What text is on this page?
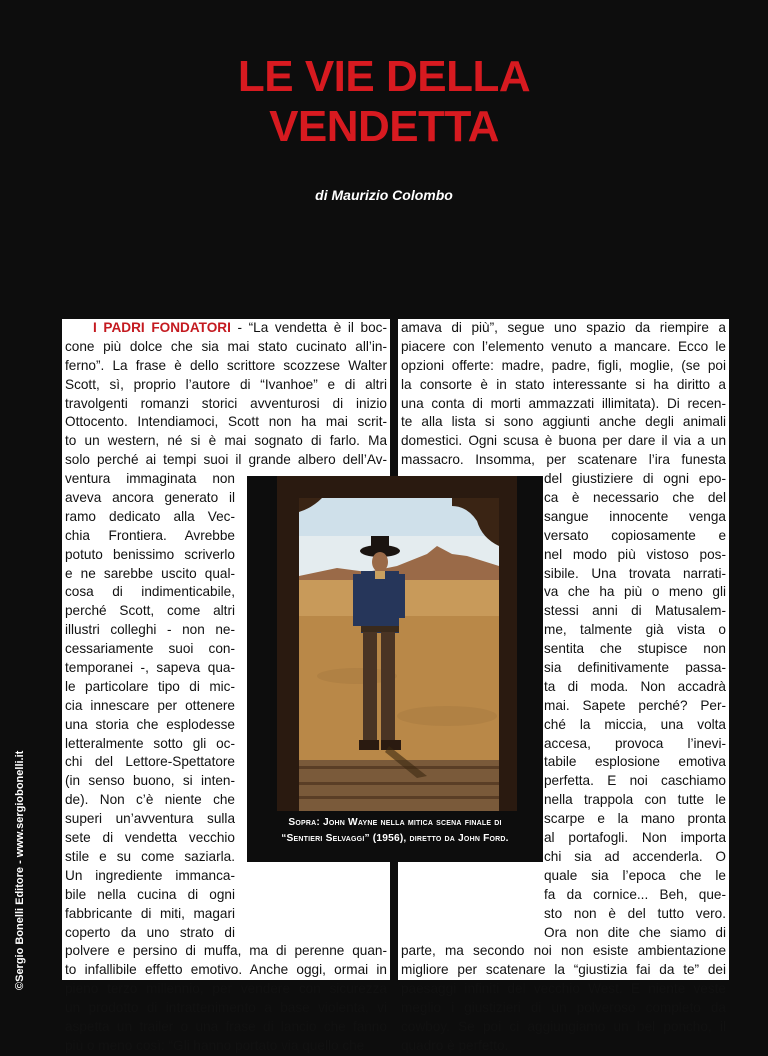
LE VIE DELLA
VENDETTA
di Maurizio Colombo
©Sergio Bonelli Editore - www.sergiobonelli.it
I PADRI FONDATORI - “La vendetta è il boc-
cone più dolce che sia mai stato cucinato all’in-
ferno”. La frase è dello scrittore scozzese Walter
Scott, sì, proprio l’autore di “Ivanhoe” e di altri
travolgenti romanzi storici avventurosi di inizio
Ottocento. Intendiamoci, Scott non ha mai scrit-
to un western, né si è mai sognato di farlo. Ma
solo perché ai tempi suoi il grande albero dell’Av-
ventura immaginata non
aveva ancora generato il
ramo dedicato alla Vec-
chia Frontiera. Avrebbe
potuto benissimo scriverlo
e ne sarebbe uscito qual-
cosa di indimenticabile,
perché Scott, come altri
illustri colleghi - non ne-
cessariamente suoi con-
temporanei -, sapeva qua-
le particolare tipo di mic-
cia innescare per ottenere
una storia che esplodesse
letteralmente sotto gli oc-
chi del Lettore-Spettatore
(in senso buono, si inten-
de). Non c’è niente che
superi un’avventura sulla
sete di vendetta vecchio
stile e su come saziarla.
Un ingrediente immanca-
bile nella cucina di ogni
fabbricante di miti, magari
coperto da uno strato di
polvere e persino di muffa, ma di perenne quan-
to infallibile effetto emotivo. Anche oggi, ormai in
pieno terzo millennio, per vendere con sicurezza
un prodotto di intrattenimento a base violenta, vi
aspetta un trailer o una frase di lancio che fanno
più o meno così: “Gli hanno portato via quello che
amava di più”, segue uno spazio da riempire a
piacere con l’elemento venuto a mancare. Ecco le
opzioni offerte: madre, padre, figli, moglie, (se poi
la consorte è in stato interessante si ha diritto a
una conta di morti ammazzati illimitata). Di recen-
te alla lista si sono aggiunti anche degli animali
domestici. Ogni scusa è buona per dare il via a un
massacro. Insomma, per scatenare l’ira funesta
del giustiziere di ogni epo-
ca è necessario che del
sangue innocente venga
versato copiosamente e
nel modo più vistoso pos-
sibile. Una trovata narrati-
va che ha più o meno gli
stessi anni di Matusalem-
me, talmente già vista o
sentita che stupisce non
sia definitivamente passa-
ta di moda. Non accadrà
mai. Sapete perché? Per-
ché la miccia, una volta
accesa, provoca l’inevi-
tabile esplosione emotiva
perfetta. E noi caschiamo
nella trappola con tutte le
scarpe e la mano pronta
al portafogli. Non importa
chi sia ad accenderla. O
quale sia l’epoca che le
fa da cornice... Beh, que-
sto non è del tutto vero.
Ora non dite che siamo di
parte, ma secondo noi non esiste ambientazione
migliore per scatenare la “giustizia fai da te” dei
paesaggi infiniti del vecchio West. E niente veste
meglio i giustizieri di un polveroso completo da
cowboy. Se poi ci aggiungiamo un bel poncho, il
quadro è perfetto.
Sopra: John Wayne nella mitica scena finale di
“Sentieri Selvaggi” (1956), diretto da John Ford.
